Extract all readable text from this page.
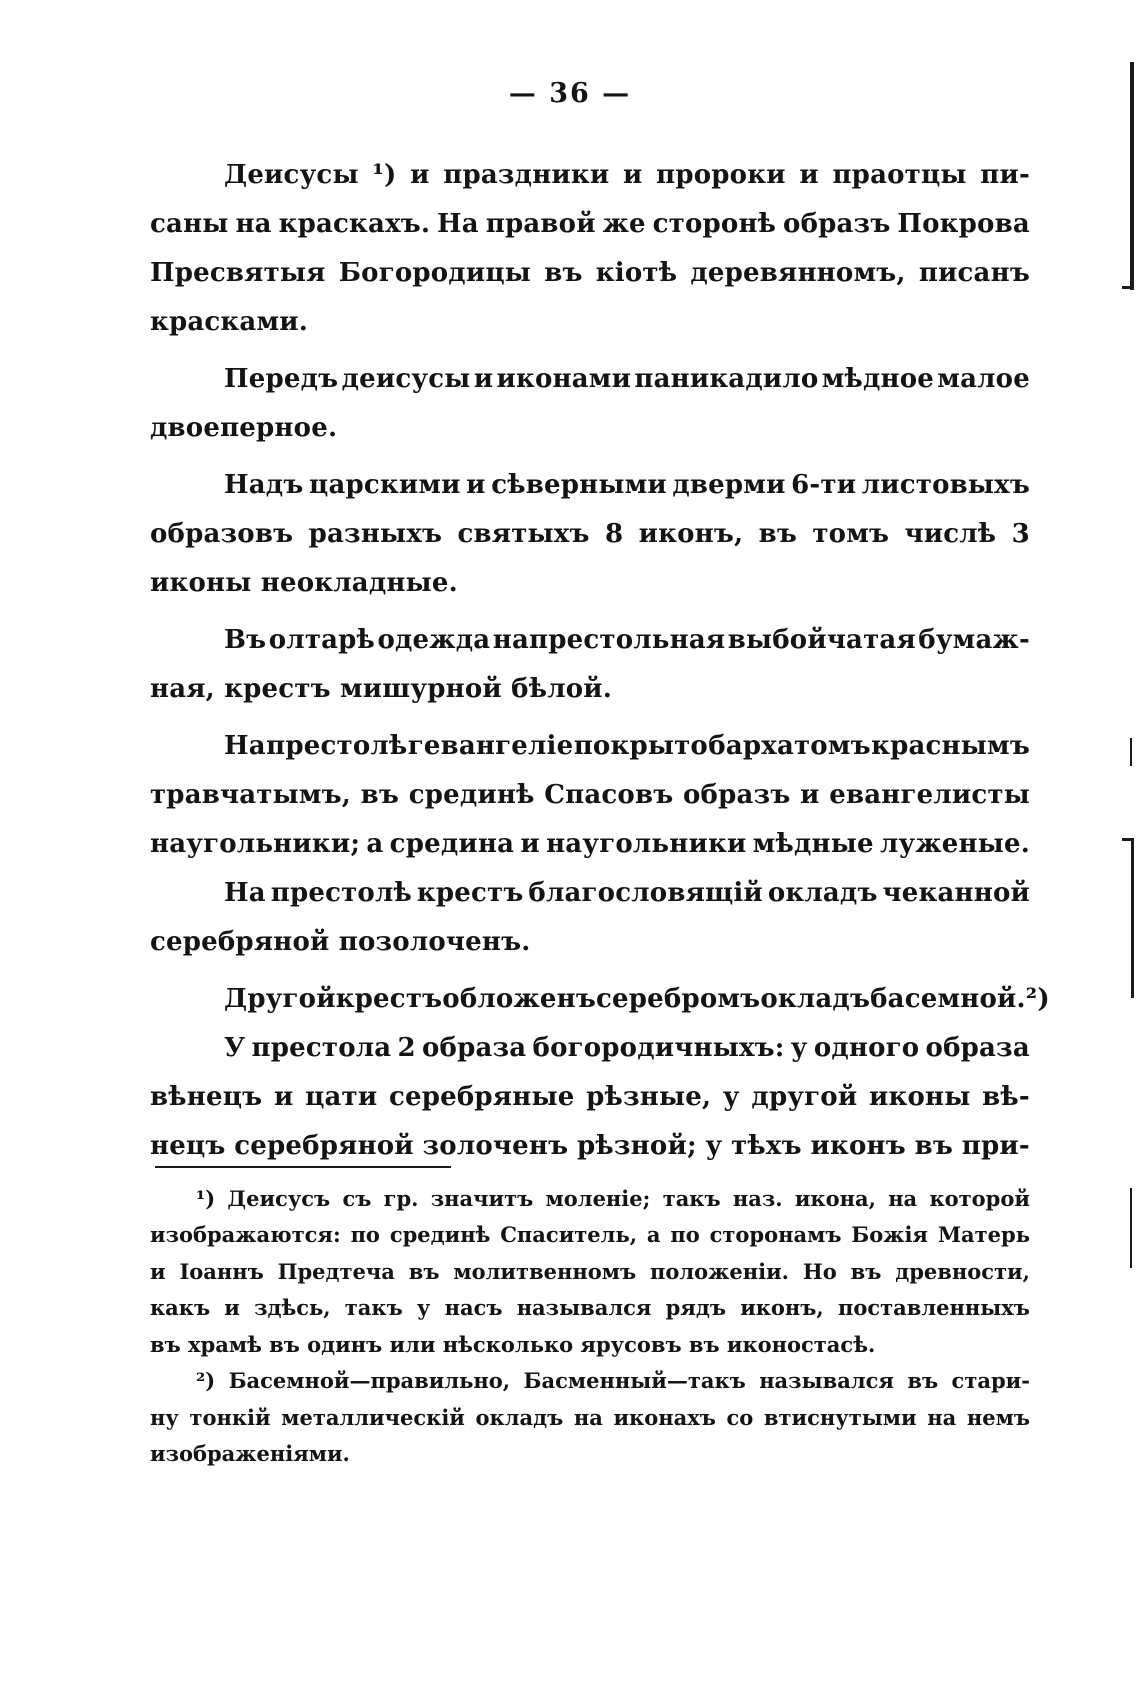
— 36 —
Деисусы ¹) и праздники и пророки и праотцы пи-
саны на краскахъ. На правой же сторонѣ образъ Покрова
Пресвятыя Богородицы въ кіотѣ деревянномъ, писанъ
красками.
Передъ деисусы и иконами паникадило мѣдное малое
двоеперное.
Надъ царскими и сѣверными дверми 6-ти листовыхъ
образовъ разныхъ святыхъ 8 иконъ, въ томъ числѣ 3
иконы неокладные.
Въ олтарѣ одежда напрестольная выбойчатая бумаж-
ная, крестъ мишурной бѣлой.
На престолѣ гевангеліе покрыто бархатомъ краснымъ
травчатымъ, въ срединѣ Спасовъ образъ и евангелисты
наугольники; а средина и наугольники мѣдные луженые.
На престолѣ крестъ благословящій окладъ чеканной
серебряной позолоченъ.
Другой крестъ обложенъ серебромъ окладъ басемной. ²)
У престола 2 образа богородичныхъ: у одного образа
вѣнецъ и цати серебряные рѣзные, у другой иконы вѣ-
нецъ серебряной золоченъ рѣзной; у тѣхъ иконъ въ при-
¹) Деисусъ съ гр. значитъ моленіе; такъ наз. икона, на которой
изображаются: по срединѣ Спаситель, а по сторонамъ Божія Матерь
и Іоаннъ Предтеча въ молитвенномъ положеніи. Но въ древности,
какъ и здѣсь, такъ у насъ назывался рядъ иконъ, поставленныхъ
въ храмѣ въ одинъ или нѣсколько ярусовъ въ иконостасѣ.
²) Басемной—правильно, Басменный—такъ назывался въ стари-
ну тонкій металлическій окладъ на иконахъ со втиснутыми на немъ
изображеніями.
